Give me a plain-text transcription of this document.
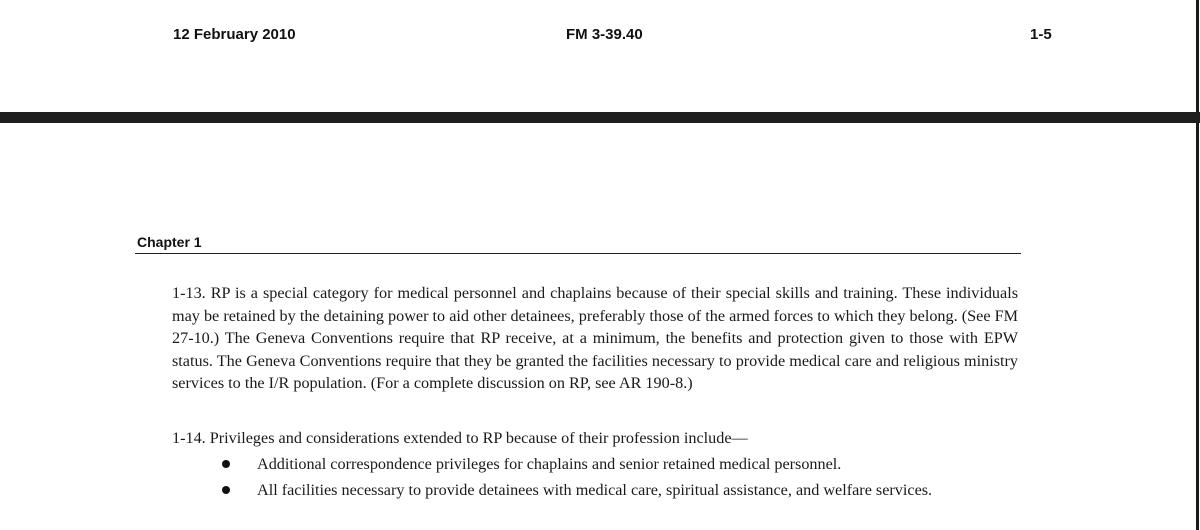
12 February 2010	FM 3-39.40	1-5
Chapter 1

1-13. RP is a special category for medical personnel and chaplains because of their special skills and training. These individuals may be retained by the detaining power to aid other detainees, preferably those of the armed forces to which they belong. (See FM 27-10.) The Geneva Conventions require that RP receive, at a minimum, the benefits and protection given to those with EPW status. The Geneva Conventions require that they be granted the facilities necessary to provide medical care and religious ministry services to the I/R population. (For a complete discussion on RP, see AR 190-8.)

1-14. Privileges and considerations extended to RP because of their profession include—

Additional correspondence privileges for chaplains and senior retained medical personnel.
All facilities necessary to provide detainees with medical care, spiritual assistance, and welfare services.
